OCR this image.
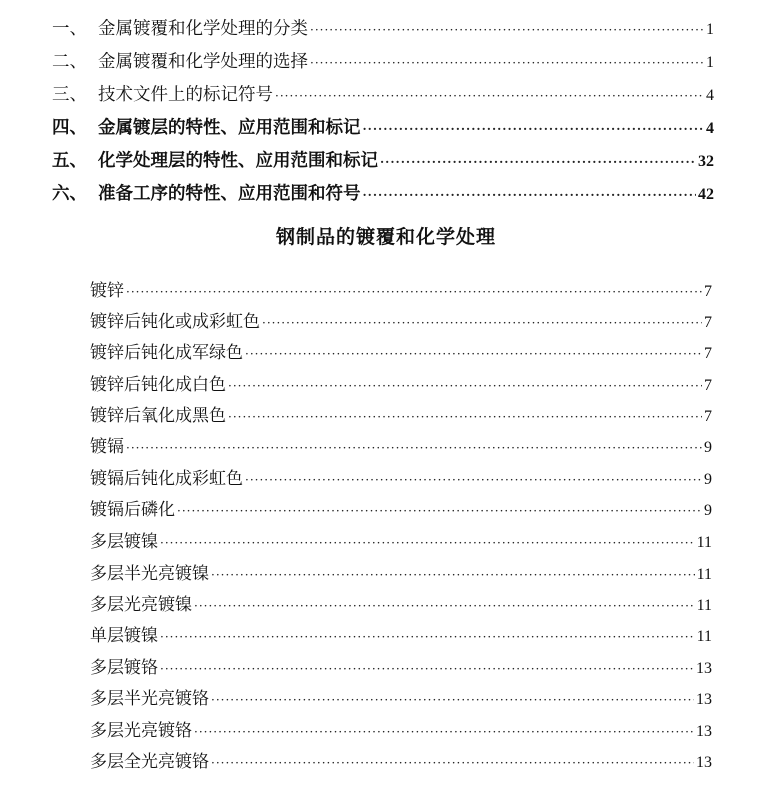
一、 金属镀覆和化学处理的分类 ·····	1
二、 金属镀覆和化学处理的选择 ·····	1
三、 技术文件上的标记符号 ·····	4
四、 金属镀层的特性、应用范围和标记 ·····	4
五、 化学处理层的特性、应用范围和标记 ·····	32
六、 准备工序的特性、应用范围和符号 ·····	42
钢制品的镀覆和化学处理
镀锌 ·····	7
镀锌后钝化或成彩虹色 ·····	7
镀锌后钝化成军绿色 ·····	7
镀锌后钝化成白色 ·····	7
镀锌后氧化成黑色 ·····	7
镀镉 ·····	9
镀镉后钝化成彩虹色 ·····	9
镀镉后磷化 ·····	9
多层镀镍 ·····	11
多层半光亮镀镍 ·····	11
多层光亮镀镍 ·····	11
单层镀镍 ·····	11
多层镀铬 ·····	13
多层半光亮镀铬 ·····	13
多层光亮镀铬 ·····	13
多层全光亮镀铬 ·····	13
